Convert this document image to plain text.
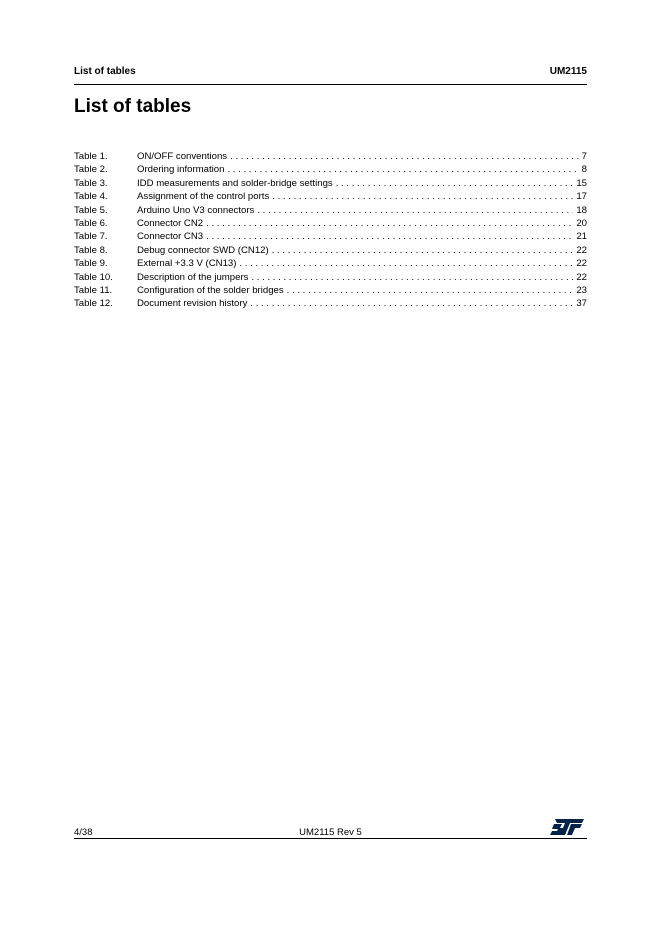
List of tables	UM2115
List of tables
Table 1.	ON/OFF conventions . . .	7
Table 2.	Ordering information . . .	8
Table 3.	IDD measurements and solder-bridge settings . . .	15
Table 4.	Assignment of the control ports . . .	17
Table 5.	Arduino Uno V3 connectors . . .	18
Table 6.	Connector CN2 . . .	20
Table 7.	Connector CN3 . . .	21
Table 8.	Debug connector SWD (CN12) . . .	22
Table 9.	External +3.3 V (CN13) . . .	22
Table 10.	Description of the jumpers . . .	22
Table 11.	Configuration of the solder bridges . . .	23
Table 12.	Document revision history . . .	37
4/38	UM2115 Rev 5
